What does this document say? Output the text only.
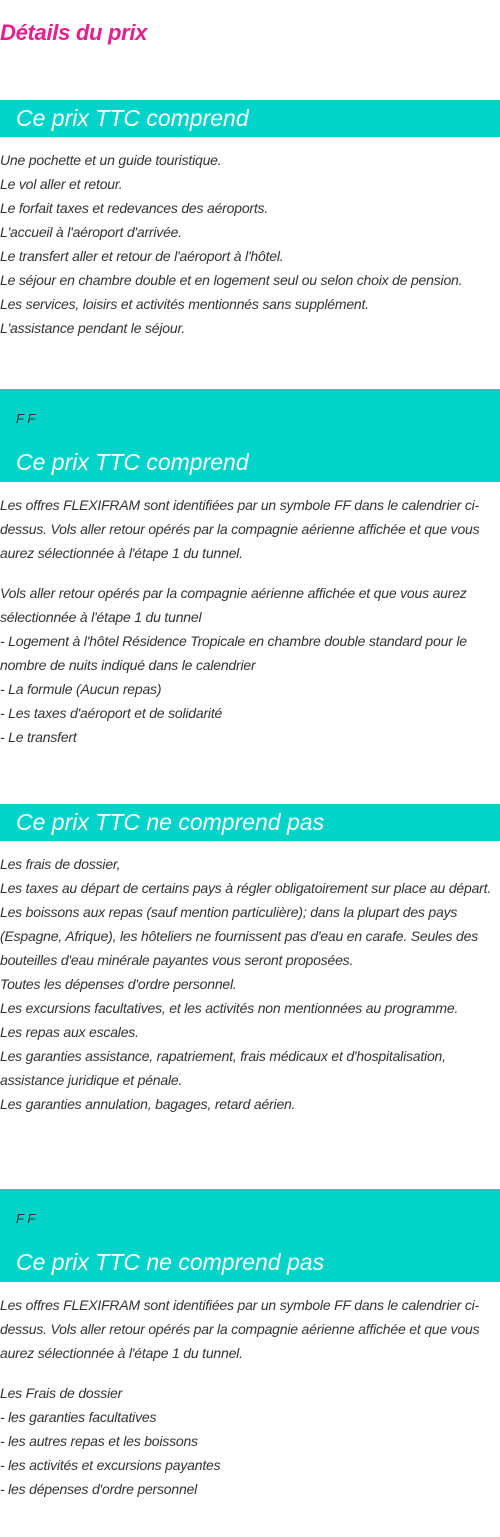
Détails du prix
Ce prix TTC comprend
Une pochette et un guide touristique.
Le vol aller et retour.
Le forfait taxes et redevances des aéroports.
L'accueil à l'aéroport d'arrivée.
Le transfert aller et retour de l'aéroport à l'hôtel.
Le séjour en chambre double et en logement seul ou selon choix de pension.
Les services, loisirs et activités mentionnés sans supplément.
L'assistance pendant le séjour.
F F
Ce prix TTC comprend

Les offres FLEXIFRAM sont identifiées par un symbole FF dans le calendrier ci-dessus. Vols aller retour opérés par la compagnie aérienne affichée et que vous aurez sélectionnée à l'étape 1 du tunnel.

Vols aller retour opérés par la compagnie aérienne affichée et que vous aurez sélectionnée à l'étape 1 du tunnel
- Logement à l'hôtel Résidence Tropicale en chambre double standard pour le nombre de nuits indiqué dans le calendrier
- La formule (Aucun repas)
- Les taxes d'aéroport et de solidarité
- Le transfert
Ce prix TTC ne comprend pas
Les frais de dossier,
Les taxes au départ de certains pays à régler obligatoirement sur place au départ.
Les boissons aux repas (sauf mention particulière); dans la plupart des pays (Espagne, Afrique), les hôteliers ne fournissent pas d'eau en carafe. Seules des bouteilles d'eau minérale payantes vous seront proposées.
Toutes les dépenses d'ordre personnel.
Les excursions facultatives, et les activités non mentionnées au programme.
Les repas aux escales.
Les garanties assistance, rapatriement, frais médicaux et d'hospitalisation, assistance juridique et pénale.
Les garanties annulation, bagages, retard aérien.
F F
Ce prix TTC ne comprend pas

Les offres FLEXIFRAM sont identifiées par un symbole FF dans le calendrier ci-dessus. Vols aller retour opérés par la compagnie aérienne affichée et que vous aurez sélectionnée à l'étape 1 du tunnel.

Les Frais de dossier
- les garanties facultatives
- les autres repas et les boissons
- les activités et excursions payantes
- les dépenses d'ordre personnel
